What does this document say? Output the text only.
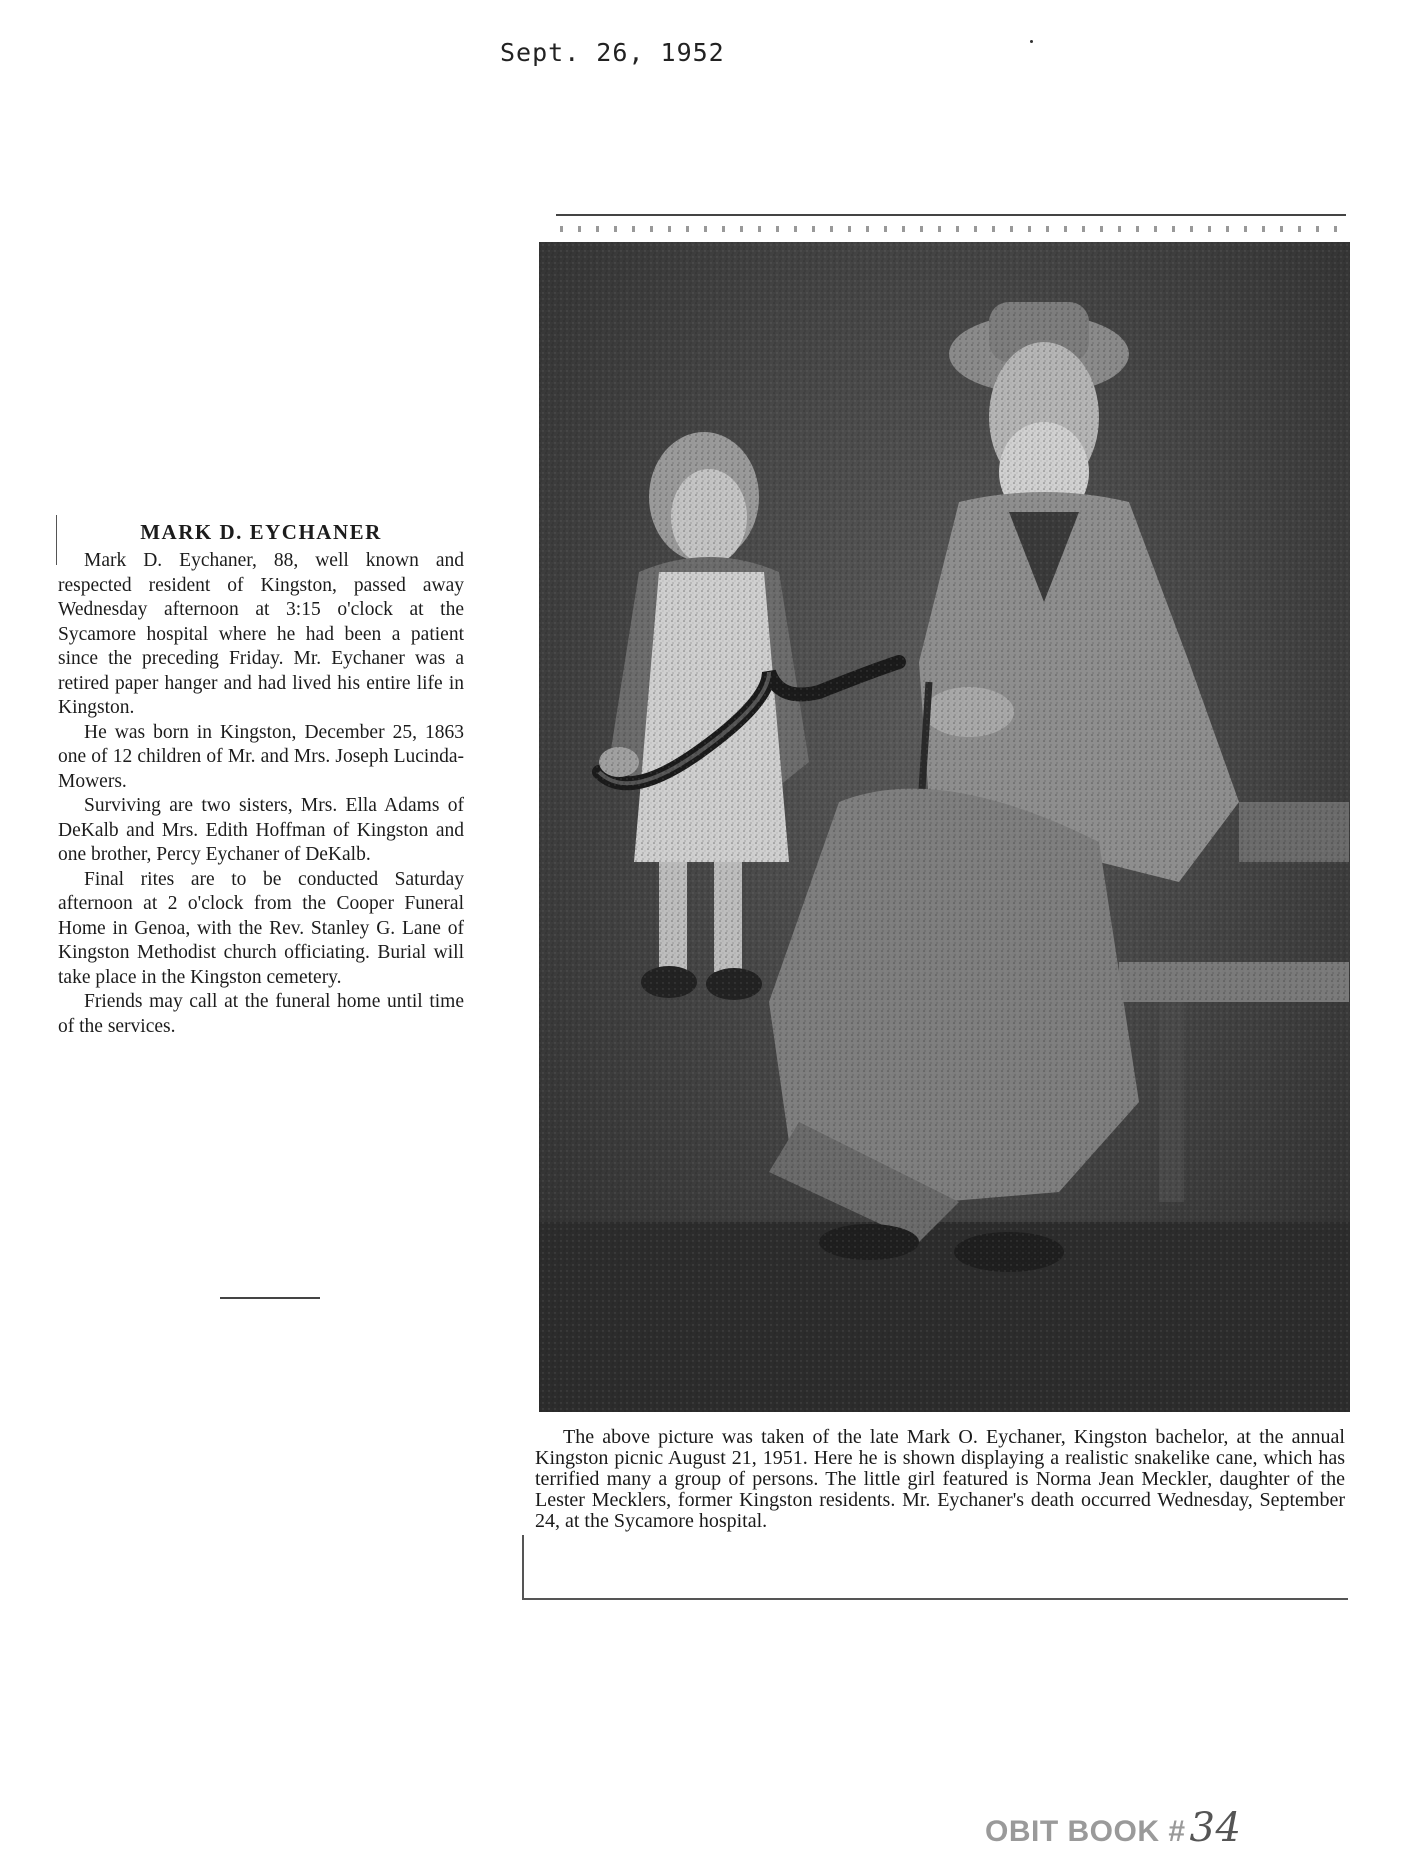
Sept. 26, 1952
MARK D. EYCHANER

Mark D. Eychaner, 88, well known and respected resident of Kingston, passed away Wednesday afternoon at 3:15 o'clock at the Sycamore hospital where he had been a patient since the preceding Friday. Mr. Eychaner was a retired paper hanger and had lived his entire life in Kingston.

He was born in Kingston, December 25, 1863 one of 12 children of Mr. and Mrs. Joseph Lucinda-Mowers.

Surviving are two sisters, Mrs. Ella Adams of DeKalb and Mrs. Edith Hoffman of Kingston and one brother, Percy Eychaner of DeKalb.

Final rites are to be conducted Saturday afternoon at 2 o'clock from the Cooper Funeral Home in Genoa, with the Rev. Stanley G. Lane of Kingston Methodist church officiating. Burial will take place in the Kingston cemetery.

Friends may call at the funeral home until time of the services.

The above picture was taken of the late Mark O. Eychaner, Kingston bachelor, at the annual Kingston picnic August 21, 1951. Here he is shown displaying a realistic snakelike cane, which has terrified many a group of persons. The little girl featured is Norma Jean Meckler, daughter of the Lester Mecklers, former Kingston residents. Mr. Eychaner's death occurred Wednesday, September 24, at the Sycamore hospital.

OBIT BOOK # 34
